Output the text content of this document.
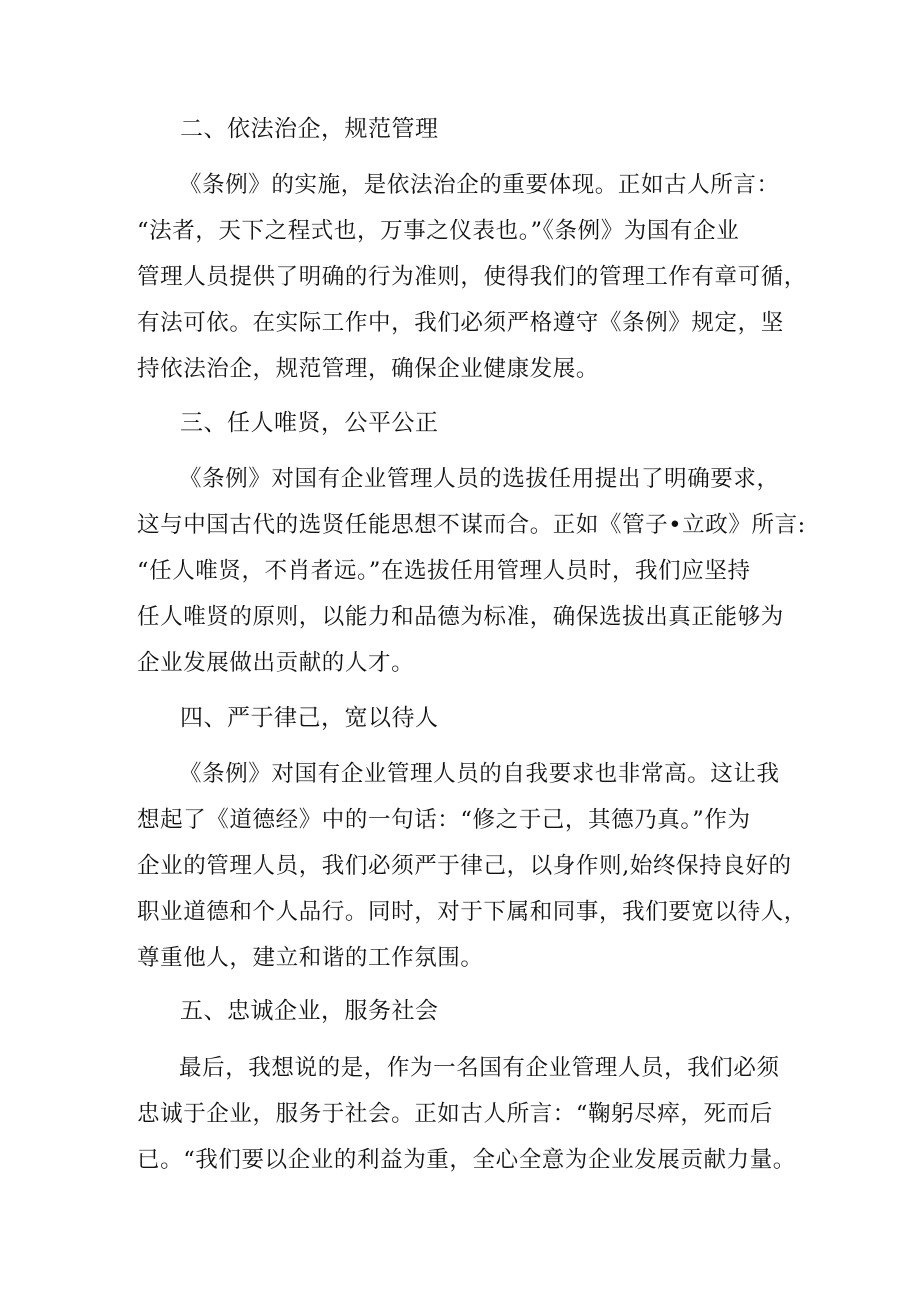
二、依法治企，规范管理
《条例》的实施，是依法治企的重要体现。正如古人所言：
“法者，天下之程式也，万事之仪表也。”《条例》为国有企业
管理人员提供了明确的行为准则，使得我们的管理工作有章可循，
有法可依。在实际工作中，我们必须严格遵守《条例》规定，坚
持依法治企，规范管理，确保企业健康发展。
三、任人唯贤，公平公正
《条例》对国有企业管理人员的选拔任用提出了明确要求，
这与中国古代的选贤任能思想不谋而合。正如《管子•立政》所言:
“任人唯贤，不肖者远。”在选拔任用管理人员时，我们应坚持
任人唯贤的原则，以能力和品德为标准，确保选拔出真正能够为
企业发展做出贡献的人才。
四、严于律己，宽以待人
《条例》对国有企业管理人员的自我要求也非常高。这让我
想起了《道德经》中的一句话：“修之于己，其德乃真。”作为
企业的管理人员，我们必须严于律己，以身作则,始终保持良好的
职业道德和个人品行。同时，对于下属和同事，我们要宽以待人，
尊重他人，建立和谐的工作氛围。
五、忠诚企业，服务社会
最后，我想说的是，作为一名国有企业管理人员，我们必须
忠诚于企业，服务于社会。正如古人所言：“鞠躬尽瘁，死而后
已。“我们要以企业的利益为重，全心全意为企业发展贡献力量。
